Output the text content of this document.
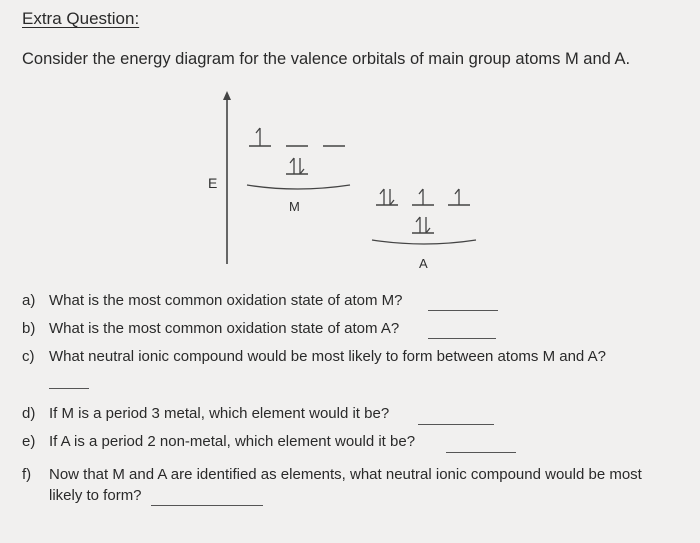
Extra Question:
Consider the energy diagram for the valence orbitals of main group atoms M and A.
E
M
A
a) What is the most common oxidation state of atom M?
b) What is the most common oxidation state of atom A?
c) What neutral ionic compound would be most likely to form between atoms M and A?
d) If M is a period 3 metal, which element would it be?
e) If A is a period 2 non-metal, which element would it be?
f) Now that M and A are identified as elements, what neutral ionic compound would be most
likely to form?
